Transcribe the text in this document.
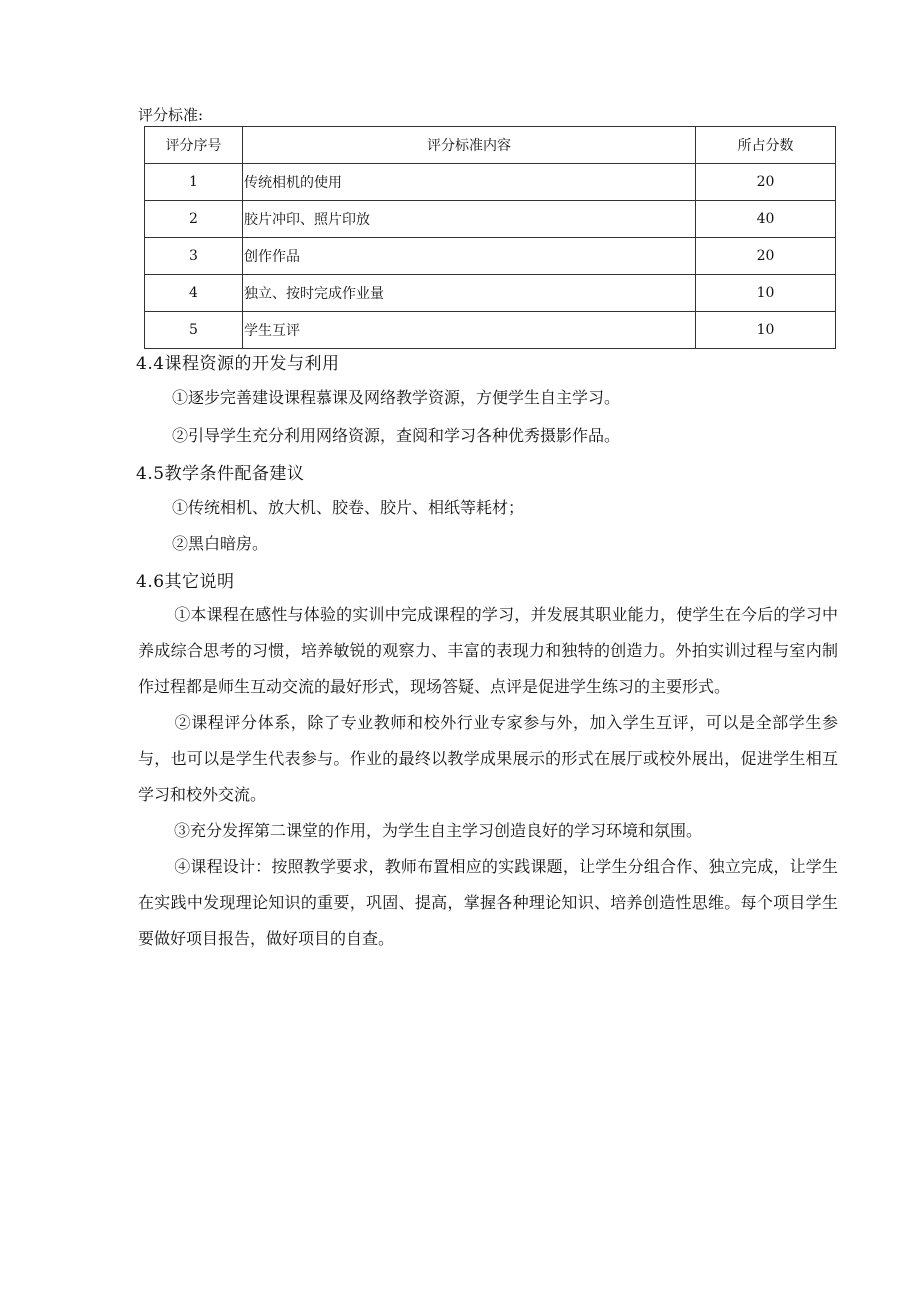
评分标准:
评分序号	评分标准内容	所占分数
1	传统相机的使用	20
2	胶片冲印、照片印放	40
3	创作作品	20
4	独立、按时完成作业量	10
5	学生互评	10
4.4课程资源的开发与利用
①逐步完善建设课程慕课及网络教学资源，方便学生自主学习。
②引导学生充分利用网络资源，查阅和学习各种优秀摄影作品。
4.5教学条件配备建议
①传统相机、放大机、胶卷、胶片、相纸等耗材；
②黑白暗房。
4.6其它说明
①本课程在感性与体验的实训中完成课程的学习，并发展其职业能力，使学生在今后的学习中养成综合思考的习惯，培养敏锐的观察力、丰富的表现力和独特的创造力。外拍实训过程与室内制作过程都是师生互动交流的最好形式，现场答疑、点评是促进学生练习的主要形式。
②课程评分体系，除了专业教师和校外行业专家参与外，加入学生互评，可以是全部学生参与，也可以是学生代表参与。作业的最终以教学成果展示的形式在展厅或校外展出，促进学生相互学习和校外交流。
③充分发挥第二课堂的作用，为学生自主学习创造良好的学习环境和氛围。
④课程设计：按照教学要求，教师布置相应的实践课题，让学生分组合作、独立完成，让学生在实践中发现理论知识的重要，巩固、提高，掌握各种理论知识、培养创造性思维。每个项目学生要做好项目报告，做好项目的自查。
